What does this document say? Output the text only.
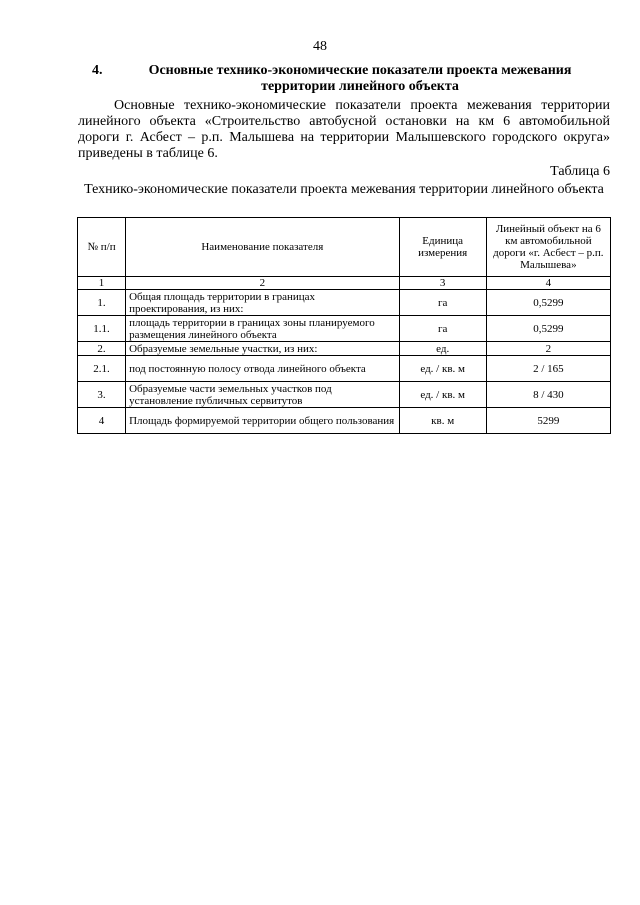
48
4.	Основные технико-экономические показатели проекта межевания территории линейного объекта

Основные технико-экономические показатели проекта межевания территории линейного объекта «Строительство автобусной остановки на км 6 автомобильной дороги г. Асбест – р.п. Малышева на территории Малышевского городского округа» приведены в таблице 6.

Таблица 6
Технико-экономические показатели проекта межевания территории линейного объекта
№ п/п	Наименование показателя	Единица измерения	Линейный объект на 6 км автомобильной дороги «г. Асбест – р.п. Малышева»
1	2	3	4
1.	Общая площадь территории в границах проектирования, из них:	га	0,5299
1.1.	площадь территории в границах зоны планируемого размещения линейного объекта	га	0,5299
2.	Образуемые земельные участки, из них:	ед.	2
2.1.	под постоянную полосу отвода линейного объекта	ед. / кв. м	2 / 165
3.	Образуемые части земельных участков под установление публичных сервитутов	ед. / кв. м	8 / 430
4	Площадь формируемой территории общего пользования	кв. м	5299
